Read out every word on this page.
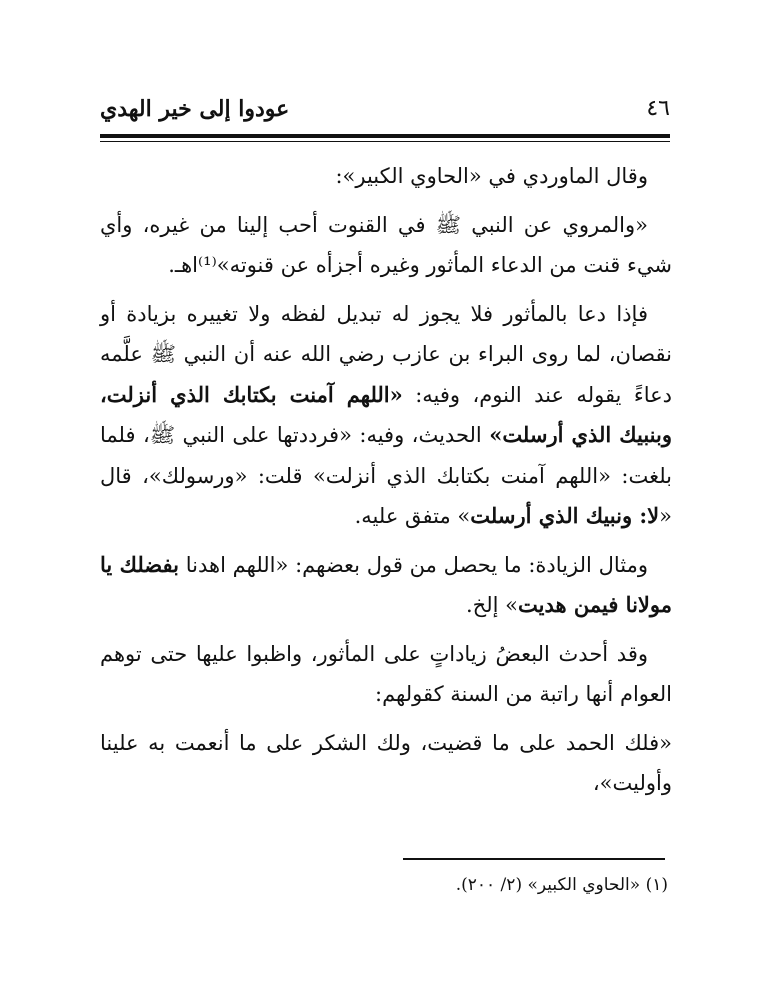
٤٦
عودوا إلى خير الهدي

وقال الماوردي في «الحاوي الكبير»:

«والمروي عن النبي ﷺ في القنوت أحب إلينا من غيره، وأي شيء قنت من الدعاء المأثور وغيره أجزأه عن قنوته»⁽¹⁾اهـ.

فإذا دعا بالمأثور فلا يجوز له تبديل لفظه ولا تغييره بزيادة أو نقصان، لما روى البراء بن عازب رضي الله عنه أن النبي ﷺ علَّمه دعاءً يقوله عند النوم، وفيه: «اللهم آمنت بكتابك الذي أنزلت، وبنبيك الذي أرسلت» الحديث، وفيه: «فرددتها على النبي ﷺ، فلما بلغت: «اللهم آمنت بكتابك الذي أنزلت» قلت: «ورسولك»، قال «لا: ونبيك الذي أرسلت» متفق عليه.

ومثال الزيادة: ما يحصل من قول بعضهم: «اللهم اهدنا بفضلك يا مولانا فيمن هديت» إلخ.

وقد أحدث البعضُ زياداتٍ على المأثور، واظبوا عليها حتى توهم العوام أنها راتبة من السنة كقولهم:

«فلك الحمد على ما قضيت، ولك الشكر على ما أنعمت به علينا وأوليت»،

(١) «الحاوي الكبير» (٢/ ٢٠٠).
